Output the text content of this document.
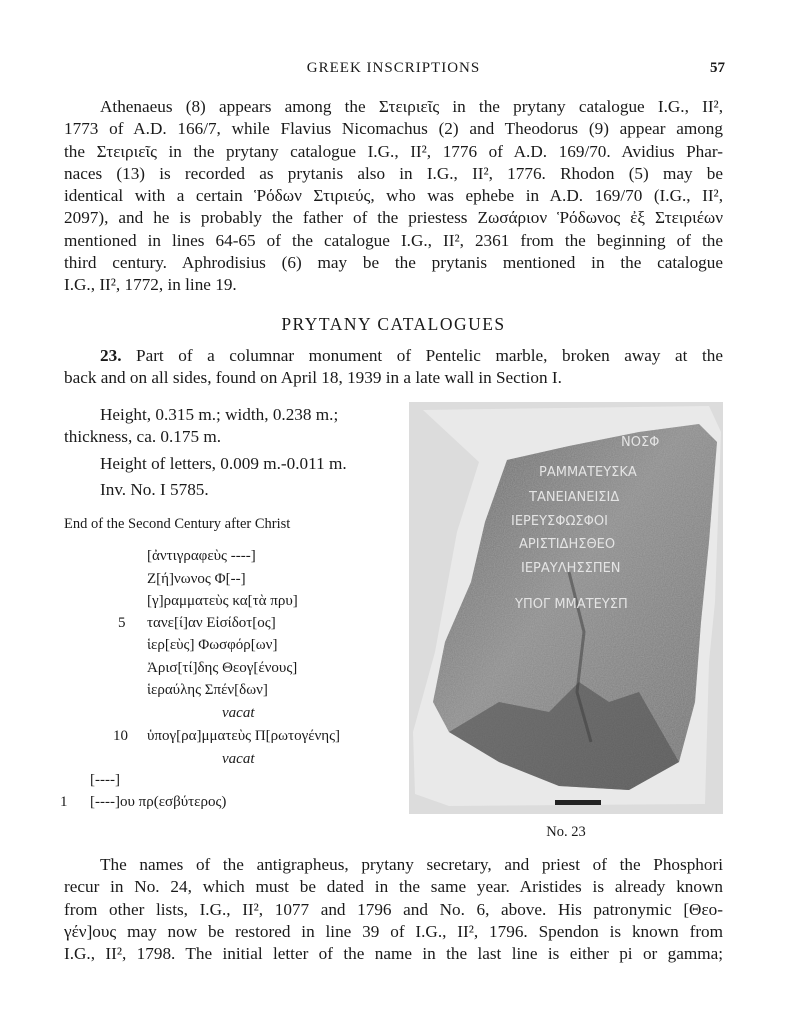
GREEK INSCRIPTIONS	57
Athenaeus (8) appears among the Στειριεῖς in the prytany catalogue I.G., II²,
1773 of A.D. 166/7, while Flavius Nicomachus (2) and Theodorus (9) appear among
the Στειριεῖς in the prytany catalogue I.G., II², 1776 of A.D. 169/70. Avidius Phar-
naces (13) is recorded as prytanis also in I.G., II², 1776. Rhodon (5) may be
identical with a certain Ῥόδων Στιριεύς, who was ephebe in A.D. 169/70 (I.G., II²,
2097), and he is probably the father of the priestess Ζωσάριον Ῥόδωνος ἐξ Στειριέων
mentioned in lines 64-65 of the catalogue I.G., II², 2361 from the beginning of the
third century. Aphrodisius (6) may be the prytanis mentioned in the catalogue
I.G., II², 1772, in line 19.
PRYTANY CATALOGUES
23. Part of a columnar monument of Pentelic marble, broken away at the
back and on all sides, found on April 18, 1939 in a late wall in Section I.
Height, 0.315 m.; width, 0.238 m.;
thickness, ca. 0.175 m.
Height of letters, 0.009 m.-0.011 m.
Inv. No. I 5785.
End of the Second Century after Christ
[ἀντιγραφεὺς ----]
Ζ[ή]νωνος Φ[--]
[γ]ραμματεὺς κα[τὰ πρυ]
5 τανε[ί]αν Εἰσίδοτ[ος]
ἱερ[εὺς] Φωσφόρ[ων]
Ἀρισ[τί]δης Θεογ[ένους]
ἱεραύλης Σπέν[δων]
vacat
10 ὑπογ[ρα]μματεὺς Π[ρωτογένης]
vacat
[----]
1 [----]ου πρ(εσβύτερος)
ΝΟΣΦ
ΡΑΜΜΑΤΕΥΣΚΑ
ΤΑΝΕΙΑΝΕΙΣΙΔ
ΙΕΡΕΥΣΦΩΣΦΟΙ
ΑΡΙΣΤΙΔΗΣΘΕΟ
ΙΕΡΑΥΛΗΣΣΠΕΝ
ΥΠΟΓ ΜΜΑΤΕΥΣΠ
No. 23
The names of the antigrapheus, prytany secretary, and priest of the Phosphori
recur in No. 24, which must be dated in the same year. Aristides is already known
from other lists, I.G., II², 1077 and 1796 and No. 6, above. His patronymic [Θεο-
γέν]ους may now be restored in line 39 of I.G., II², 1796. Spendon is known from
I.G., II², 1798. The initial letter of the name in the last line is either pi or gamma;
